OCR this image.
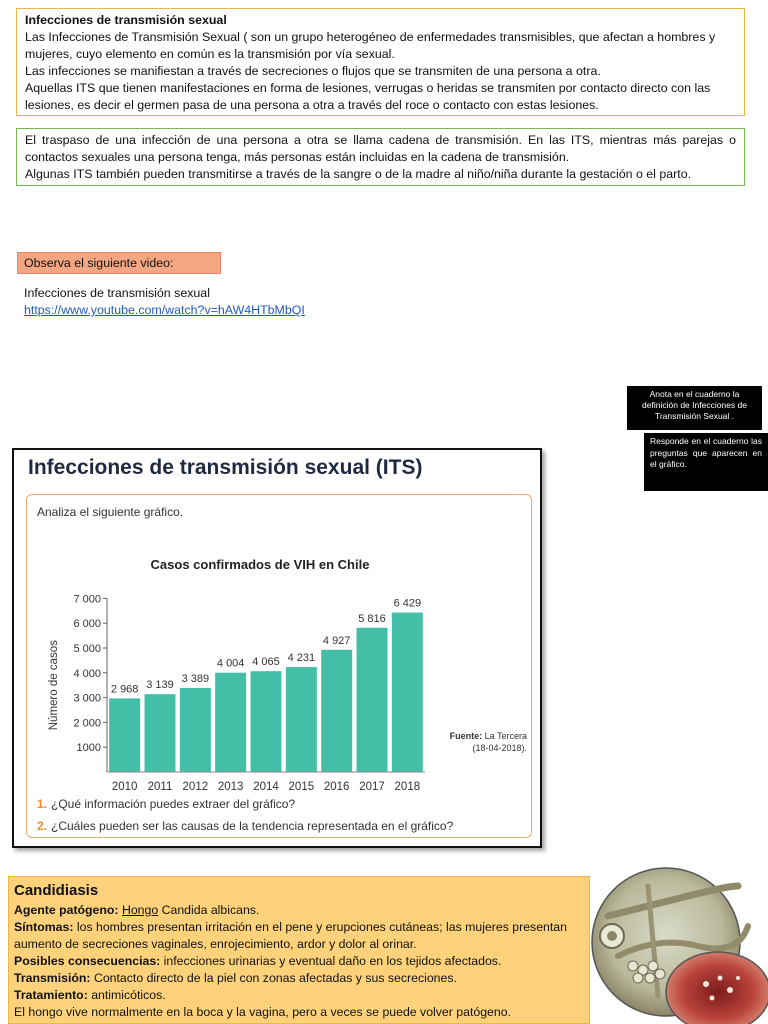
Infecciones de transmisión sexual
Las Infecciones de Transmisión Sexual ( son un grupo heterogéneo de enfermedades transmisibles, que afectan a hombres y mujeres, cuyo elemento en común es la transmisión por vía sexual.
Las infecciones se manifiestan a través de secreciones o flujos que se transmiten de una persona a otra.
Aquellas ITS que tienen manifestaciones en forma de lesiones, verrugas o heridas se transmiten por contacto directo con las lesiones, es decir el germen pasa de una persona a otra a través del roce o contacto con estas lesiones.
El traspaso de una infección de una persona a otra se llama cadena de transmisión. En las ITS, mientras más parejas o contactos sexuales una persona tenga, más personas están incluidas en la cadena de transmisión.
Algunas ITS también pueden transmitirse a través de la sangre o de la madre al niño/niña durante la gestación o el parto.
Observa el siguiente video:
Infecciones de transmisión sexual
https://www.youtube.com/watch?v=hAW4HTbMbQI
Anota en el cuaderno la definición de Infecciones de Transmisión Sexual .
Responde en el cuaderno las preguntas que aparecen en el gráfico.
Infecciones de transmisión sexual (ITS)
Analiza el siguiente gráfico.
Casos confirmados de VIH en Chile
1000
2 000
3 000
4 000
5 000
6 000
7 000
Número de casos	2 968
2010
3 139
2011
3 389
2012
4 004
2013
4 065
2014
4 231
2015
4 927
2016
5 816
2017
6 429
2018
Fuente: La Tercera
(18-04-2018).
1. ¿Qué información puedes extraer del gráfico?
2. ¿Cuáles pueden ser las causas de la tendencia representada en el gráfico?
Candidiasis
Agente patógeno: Hongo Candida albicans.
Síntomas: los hombres presentan irritación en el pene y erupciones cutáneas; las mujeres presentan aumento de secreciones vaginales, enrojecimiento, ardor y dolor al orinar.
Posibles consecuencias: infecciones urinarias y eventual daño en los tejidos afectados.
Transmisión: Contacto directo de la piel con zonas afectadas y sus secreciones.
Tratamiento: antimicóticos.
El hongo vive normalmente en la boca y la vagina, pero a veces se puede volver patógeno.
